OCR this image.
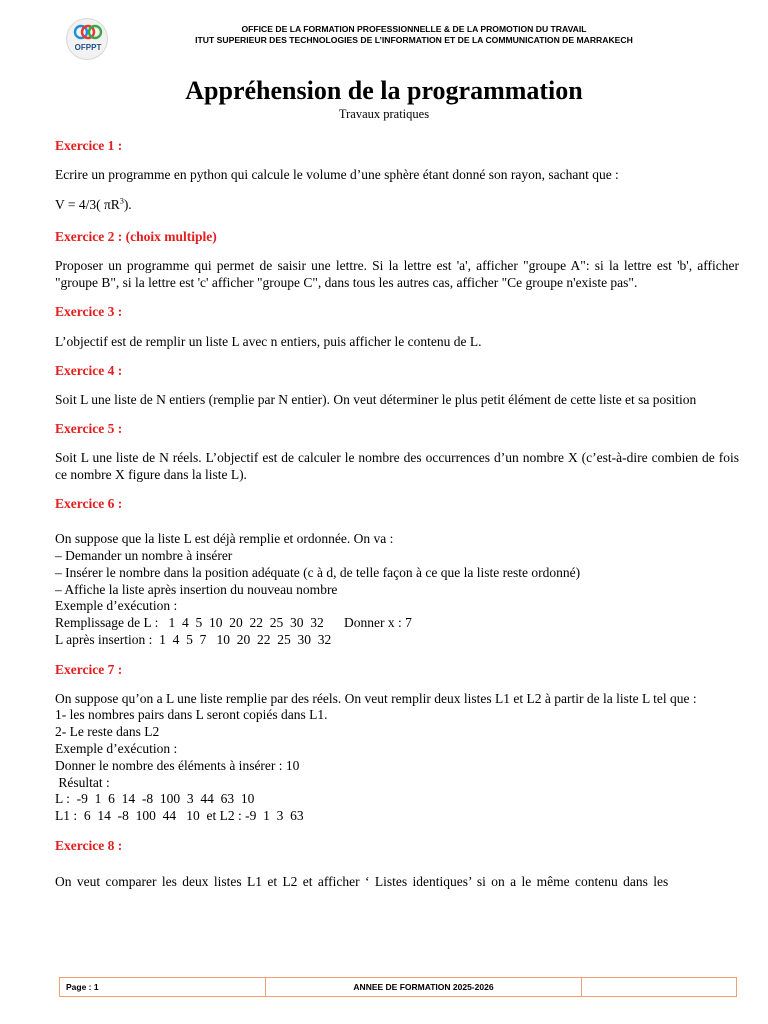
OFPPT
OFFICE DE LA FORMATION PROFESSIONNELLE & DE LA PROMOTION DU TRAVAIL
ITUT SUPERIEUR DES TECHNOLOGIES DE L’INFORMATION ET DE LA COMMUNICATION DE MARRAKECH
Appréhension de la programmation
Travaux pratiques

Exercice 1 :

Ecrire un programme en python qui calcule le volume d’une sphère étant donné son rayon, sachant que :

V = 4/3( $\pi R^3$).

Exercice 2 : (choix multiple)

Proposer un programme qui permet de saisir une lettre. Si la lettre est 'a', afficher "groupe A": si la lettre est 'b', afficher "groupe B", si la lettre est 'c' afficher "groupe C", dans tous les autres cas, afficher "Ce groupe n'existe pas".

Exercice 3 :

L’objectif est de remplir un liste L avec n entiers, puis afficher le contenu de L.

Exercice 4 :

Soit L une liste de N entiers (remplie par N entier). On veut déterminer le plus petit élément de cette liste et sa position

Exercice 5 :

Soit L une liste de N réels. L’objectif est de calculer le nombre des occurrences d’un nombre X (c’est-à-dire combien de fois ce nombre X figure dans la liste L).

Exercice 6 :

On suppose que la liste L est déjà remplie et ordonnée. On va :

– Demander un nombre à insérer

– Insérer le nombre dans la position adéquate (c à d, de telle façon à ce que la liste reste ordonné)

– Affiche la liste après insertion du nouveau nombre

Exemple d’exécution :

Remplissage de L :   1  4  5  10  20  22  25  30  32      Donner x : 7

L après insertion :  1  4  5  7   10  20  22  25  30  32

Exercice 7 :

On suppose qu’on a L une liste remplie par des réels. On veut remplir deux listes L1 et L2 à partir de la liste L tel que :

1- les nombres pairs dans L seront copiés dans L1.

2- Le reste dans L2

Exemple d’exécution :

Donner le nombre des éléments à insérer : 10

Résultat :

L :  -9  1  6  14  -8  100  3  44  63  10

L1 :  6  14  -8  100  44   10  et L2 : -9  1  3  63

Exercice 8 :

On veut comparer les deux listes L1 et L2 et afficher ‘ Listes identiques’ si on a le même contenu dans les

Page : 1	ANNEE DE FORMATION 2025-2026
